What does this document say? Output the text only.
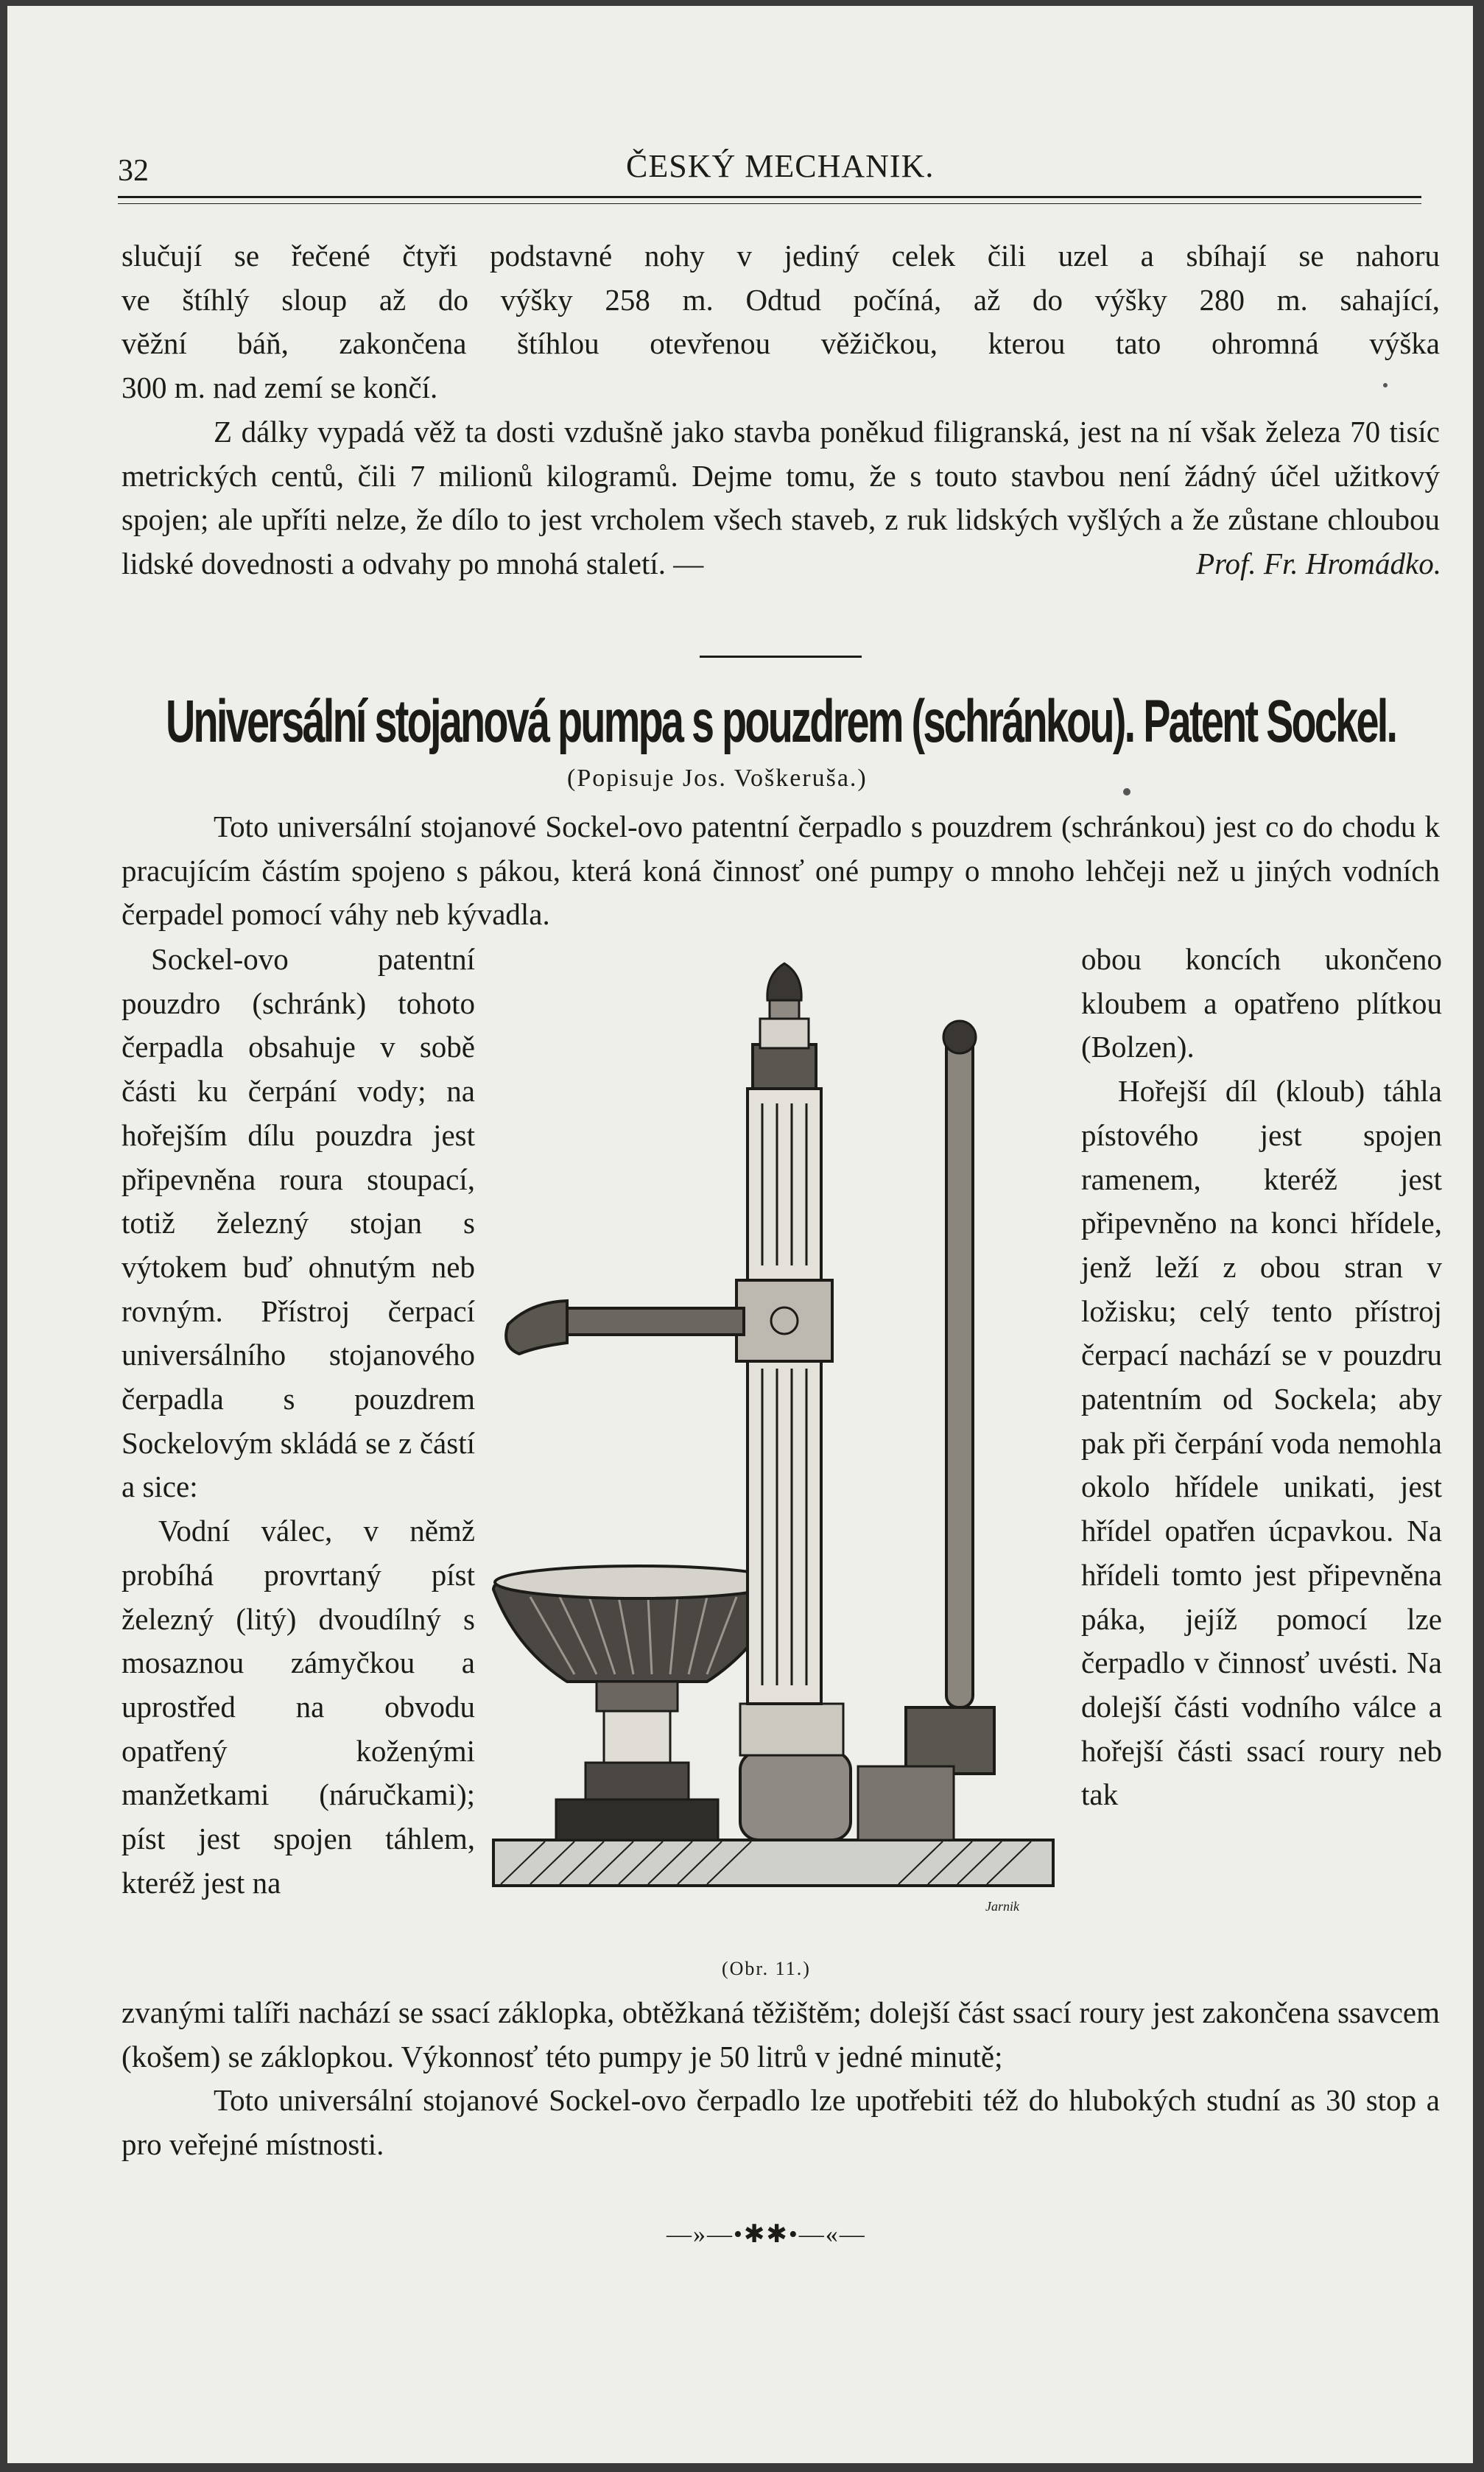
32	ČESKÝ MECHANIK.

slučují se řečené čtyři podstavné nohy v jediný celek čili uzel a sbíhají se nahoru

ve štíhlý sloup až do výšky 258 m. Odtud počíná, až do výšky 280 m. sahající,

vĕžní báň, zakončena štíhlou otevřenou věžičkou, kterou tato ohromná výška

300 m. nad zemí se končí.

Z dálky vypadá věž ta dosti vzdušně jako stavba poněkud filigranská, jest na ní však železa 70 tisíc metrických centů, čili 7 milionů kilogramů. Dejme tomu, že s touto stavbou není žádný účel užitkový spojen; ale upříti nelze, že dílo to jest vrcholem všech staveb, z ruk lidských vyšlých a že zůstane chloubou lidské dovednosti a odvahy po mnohá staletí. —	Prof. Fr. Hromádko.

Universální stojanová pumpa s pouzdrem (schránkou). Patent Sockel.
(Popisuje Jos. Voškeruša.)

Toto universální stojanové Sockel-ovo patentní čerpadlo s pouzdrem (schránkou) jest co do chodu k pracujícím částím spojeno s pákou, která koná činnosť oné pumpy o mnoho lehčeji než u jiných vodních čerpadel pomocí váhy neb kývadla.

Sockel-ovo patentní pouzdro (schránk) tohoto čerpadla obsahuje v sobě části ku čerpání vody; na hořejším dílu pouzdra jest připevněna roura stoupací, totiž železný stojan s výtokem buď ohnutým neb rovným. Přístroj čerpací universálního stojanového čerpadla s pouzdrem Sockelovým skládá se z částí a sice:

Vodní válec, v němž probíhá provrtaný píst železný (litý) dvoudílný s mosaznou zámyčkou a uprostřed na obvodu opatřený koženými manžetkami (náručkami); píst jest spojen táhlem, kteréž jest na

obou koncích ukončeno kloubem a opatřeno plítkou (Bolzen).

Hořejší díl (kloub) táhla pístového jest spojen ramenem, kteréž jest připevněno na konci hřídele, jenž leží z obou stran v ložisku; celý tento přístroj čerpací nachází se v pouzdru patentním od Sockela; aby pak při čerpání voda nemohla okolo hřídele unikati, jest hřídel opatřen úcpavkou. Na hřídeli tomto jest připevněna páka, jejíž pomocí lze čerpadlo v činnosť uvésti. Na dolejší části vodního válce a hořejší části ssací roury neb tak

Jarnik
(Obr. 11.)

zvanými talíři nachází se ssací záklopka, obtěžkaná těžištěm; dolejší část ssací roury jest zakončena ssavcem (košem) se záklopkou. Výkonnosť této pumpy je 50 litrů v jedné minutě;

Toto universální stojanové Sockel-ovo čerpadlo lze upotřebiti též do hlubokých studní as 30 stop a pro veřejné místnosti.

—»—•✱✱•—«—
